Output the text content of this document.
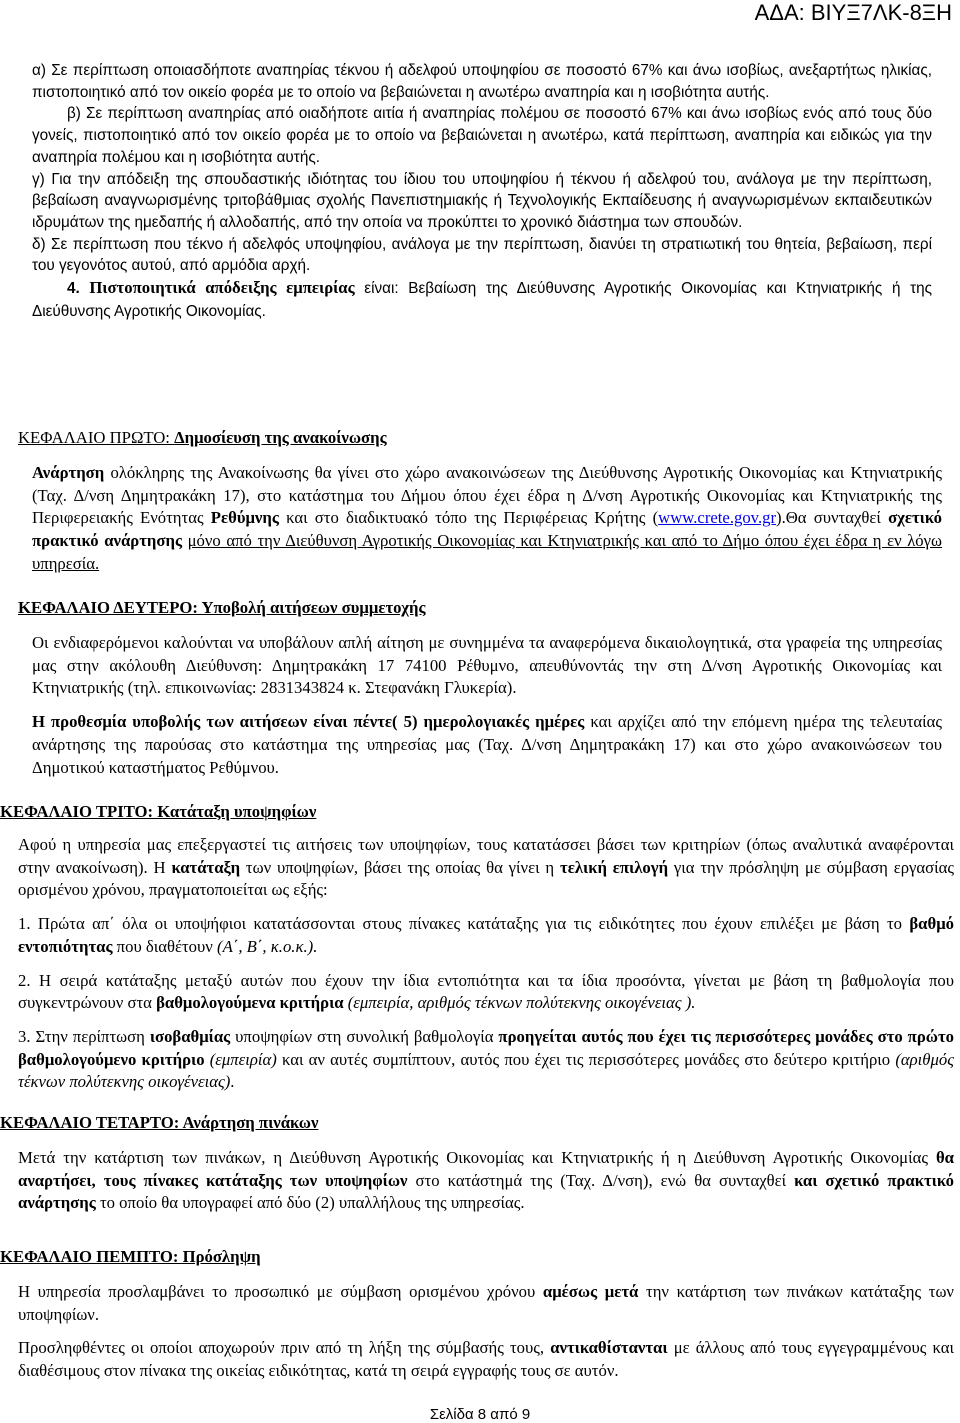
ΑΔΑ: ΒΙΥΞ7ΛΚ-8ΞΗ

α) Σε περίπτωση οποιασδήποτε αναπηρίας τέκνου ή αδελφού υποψηφίου σε ποσοστό 67% και άνω ισοβίως, ανεξαρτήτως ηλικίας, πιστοποιητικό από τον οικείο φορέα με το οποίο να βεβαιώνεται η ανωτέρω αναπηρία και η ισοβιότητα αυτής.

β) Σε περίπτωση αναπηρίας από οιαδήποτε αιτία ή αναπηρίας πολέμου σε ποσοστό 67% και άνω ισοβίως ενός από τους δύο γονείς, πιστοποιητικό από τον οικείο φορέα με το οποίο να βεβαιώνεται η ανωτέρω, κατά περίπτωση, αναπηρία και ειδικώς για την αναπηρία πολέμου και η ισοβιότητα αυτής.

γ) Για την απόδειξη της σπουδαστικής ιδιότητας του ίδιου του υποψηφίου ή τέκνου ή αδελφού του, ανάλογα με την περίπτωση, βεβαίωση αναγνωρισμένης τριτοβάθμιας σχολής Πανεπιστημιακής ή Τεχνολογικής Εκπαίδευσης ή αναγνωρισμένων εκπαιδευτικών ιδρυμάτων της ημεδαπής ή αλλοδαπής, από την οποία να προκύπτει το χρονικό διάστημα των σπουδών.

δ) Σε περίπτωση που τέκνο ή αδελφός υποψηφίου, ανάλογα με την περίπτωση, διανύει τη στρατιωτική του θητεία, βεβαίωση, περί του γεγονότος αυτού, από αρμόδια αρχή.

4. Πιστοποιητικά απόδειξης εμπειρίας είναι: Βεβαίωση της Διεύθυνσης Αγροτικής Οικονομίας και Κτηνιατρικής ή της Διεύθυνσης Αγροτικής Οικονομίας.

ΚΕΦΑΛΑΙΟ ΠΡΩΤΟ: Δημοσίευση της ανακοίνωσης

Ανάρτηση ολόκληρης της Ανακοίνωσης θα γίνει στο χώρο ανακοινώσεων της Διεύθυνσης Αγροτικής Οικονομίας και Κτηνιατρικής (Ταχ. Δ/νση Δημητρακάκη 17), στο κατάστημα του Δήμου όπου έχει έδρα η Δ/νση Αγροτικής Οικονομίας και Κτηνιατρικής της Περιφερειακής Ενότητας Ρεθύμνης και στο διαδικτυακό τόπο της Περιφέρειας Κρήτης (www.crete.gov.gr).Θα συνταχθεί σχετικό πρακτικό ανάρτησης μόνο από την Διεύθυνση Αγροτικής Οικονομίας και Κτηνιατρικής και από το Δήμο όπου έχει έδρα η εν λόγω υπηρεσία.

ΚΕΦΑΛΑΙΟ ΔΕΥΤΕΡΟ: Υποβολή αιτήσεων συμμετοχής

Οι ενδιαφερόμενοι καλούνται να υποβάλουν απλή αίτηση με συνημμένα τα αναφερόμενα δικαιολογητικά, στα γραφεία της υπηρεσίας μας στην ακόλουθη Διεύθυνση: Δημητρακάκη 17 74100 Ρέθυμνο, απευθύνοντάς την στη Δ/νση Αγροτικής Οικονομίας και Κτηνιατρικής (τηλ. επικοινωνίας: 2831343824 κ. Στεφανάκη Γλυκερία).

Η προθεσμία υποβολής των αιτήσεων είναι πέντε( 5) ημερολογιακές ημέρες και αρχίζει από την επόμενη ημέρα της τελευταίας ανάρτησης της παρούσας στο κατάστημα της υπηρεσίας μας (Ταχ. Δ/νση Δημητρακάκη 17) και στο χώρο ανακοινώσεων του Δημοτικού καταστήματος Ρεθύμνου.

ΚΕΦΑΛΑΙΟ ΤΡΙΤΟ: Κατάταξη υποψηφίων

Αφού η υπηρεσία μας επεξεργαστεί τις αιτήσεις των υποψηφίων, τους κατατάσσει βάσει των κριτηρίων (όπως αναλυτικά αναφέρονται στην ανακοίνωση). Η κατάταξη των υποψηφίων, βάσει της οποίας θα γίνει η τελική επιλογή για την πρόσληψη με σύμβαση εργασίας ορισμένου χρόνου, πραγματοποιείται ως εξής:

1. Πρώτα απ΄ όλα οι υποψήφιοι κατατάσσονται στους πίνακες κατάταξης για τις ειδικότητες που έχουν επιλέξει με βάση το βαθμό εντοπιότητας που διαθέτουν (Α΄, Β΄, κ.ο.κ.).

2. Η σειρά κατάταξης μεταξύ αυτών που έχουν την ίδια εντοπιότητα και τα ίδια προσόντα, γίνεται με βάση τη βαθμολογία που συγκεντρώνουν στα βαθμολογούμενα κριτήρια (εμπειρία, αριθμός τέκνων πολύτεκνης οικογένειας ).

3. Στην περίπτωση ισοβαθμίας υποψηφίων στη συνολική βαθμολογία προηγείται αυτός που έχει τις περισσότερες μονάδες στο πρώτο βαθμολογούμενο κριτήριο (εμπειρία) και αν αυτές συμπίπτουν, αυτός που έχει τις περισσότερες μονάδες στο δεύτερο κριτήριο (αριθμός τέκνων πολύτεκνης οικογένειας).

ΚΕΦΑΛΑΙΟ ΤΕΤΑΡΤΟ: Ανάρτηση πινάκων

Μετά την κατάρτιση των πινάκων, η Διεύθυνση Αγροτικής Οικονομίας και Κτηνιατρικής ή η Διεύθυνση Αγροτικής Οικονομίας θα αναρτήσει, τους πίνακες κατάταξης των υποψηφίων στο κατάστημά της (Ταχ. Δ/νση), ενώ θα συνταχθεί και σχετικό πρακτικό ανάρτησης το οποίο θα υπογραφεί από δύο (2) υπαλλήλους της υπηρεσίας.

ΚΕΦΑΛΑΙΟ ΠΕΜΠΤΟ: Πρόσληψη

Η υπηρεσία προσλαμβάνει το προσωπικό με σύμβαση ορισμένου χρόνου αμέσως μετά την κατάρτιση των πινάκων κατάταξης των υποψηφίων.

Προσληφθέντες οι οποίοι αποχωρούν πριν από τη λήξη της σύμβασής τους, αντικαθίστανται με άλλους από τους εγγεγραμμένους και διαθέσιμους στον πίνακα της οικείας ειδικότητας, κατά τη σειρά εγγραφής τους σε αυτόν.

Σελίδα 8 από 9
